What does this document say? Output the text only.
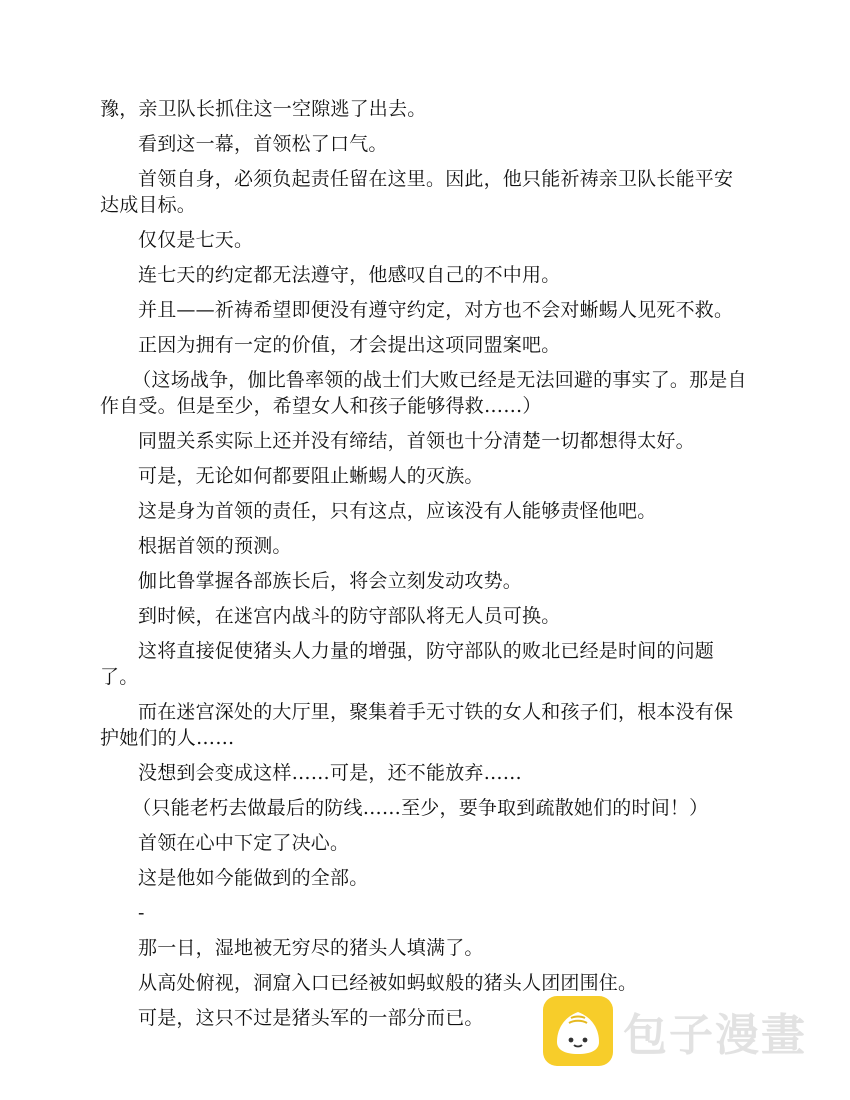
豫，亲卫队长抓住这一空隙逃了出去。

看到这一幕，首领松了口气。

首领自身，必须负起责任留在这里。因此，他只能祈祷亲卫队长能平安达成目标。

仅仅是七天。

连七天的约定都无法遵守，他感叹自己的不中用。

并且——祈祷希望即便没有遵守约定，对方也不会对蜥蜴人见死不救。

正因为拥有一定的价值，才会提出这项同盟案吧。

（这场战争，伽比鲁率领的战士们大败已经是无法回避的事实了。那是自作自受。但是至少，希望女人和孩子能够得救……）

同盟关系实际上还并没有缔结，首领也十分清楚一切都想得太好。

可是，无论如何都要阻止蜥蜴人的灭族。

这是身为首领的责任，只有这点，应该没有人能够责怪他吧。

根据首领的预测。

伽比鲁掌握各部族长后，将会立刻发动攻势。

到时候，在迷宫内战斗的防守部队将无人员可换。

这将直接促使猪头人力量的增强，防守部队的败北已经是时间的问题了。

而在迷宫深处的大厅里，聚集着手无寸铁的女人和孩子们，根本没有保护她们的人……

没想到会变成这样……可是，还不能放弃……

（只能老朽去做最后的防线……至少，要争取到疏散她们的时间！）

首领在心中下定了决心。

这是他如今能做到的全部。

-

那一日，湿地被无穷尽的猪头人填满了。

从高处俯视，洞窟入口已经被如蚂蚁般的猪头人团团围住。

可是，这只不过是猪头军的一部分而已。	包子漫畫
